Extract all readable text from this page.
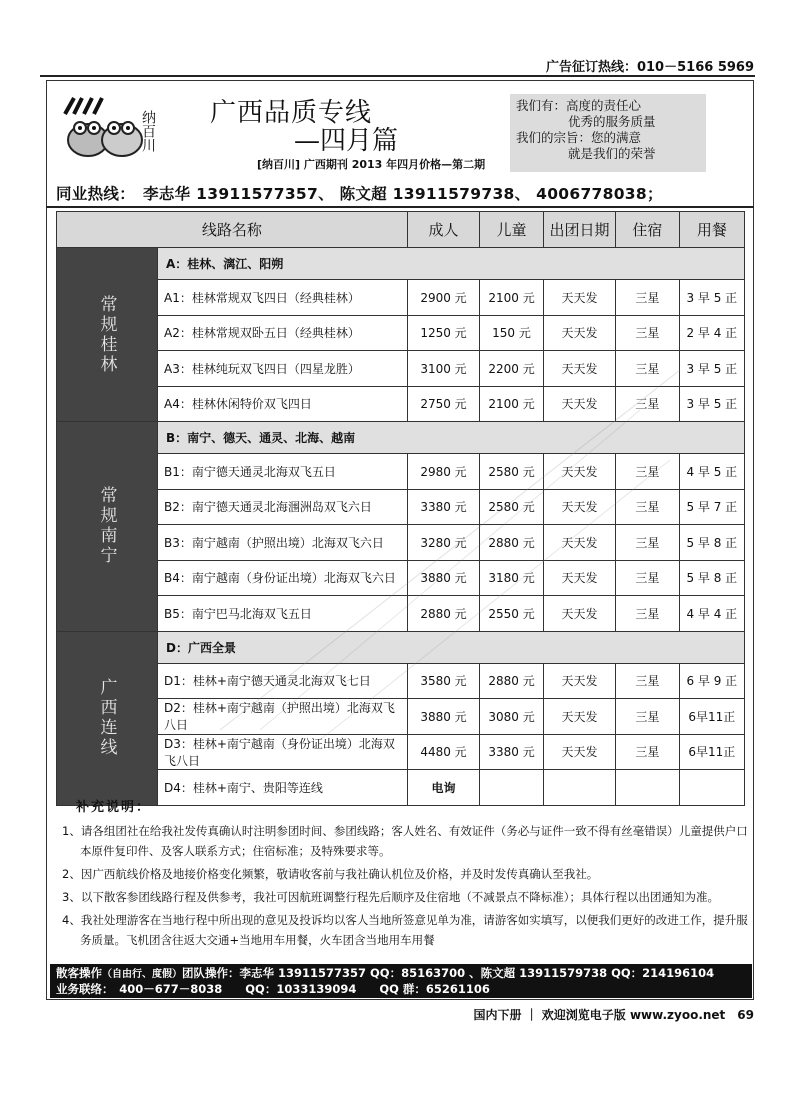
广告征订热线：010－5166 5969
纳百川 广西品质专线
—四月篇
[纳百川] 广西期刊 2013 年四月价格—第二期
我们有：高度的责任心
优秀的服务质量
我们的宗旨：您的满意
就是我们的荣誉
同业热线：　李志华 13911577357、 陈文超 13911579738、 4006778038；
线路名称		成人	儿童	出团日期	住宿	用餐
常规桂林	A：桂林、漓江、阳朔					
	A1：桂林常规双飞四日（经典桂林）	2900 元	2100 元	天天发	三星	3 早 5 正
	A2：桂林常规双卧五日（经典桂林）	1250 元	150 元	天天发	三星	2 早 4 正
	A3：桂林纯玩双飞四日（四星龙胜）	3100 元	2200 元	天天发	三星	3 早 5 正
	A4：桂林休闲特价双飞四日	2750 元	2100 元	天天发	三星	3 早 5 正
常规南宁	B：南宁、德天、通灵、北海、越南					
	B1：南宁德天通灵北海双飞五日	2980 元	2580 元	天天发	三星	4 早 5 正
	B2：南宁德天通灵北海涠洲岛双飞六日	3380 元	2580 元	天天发	三星	5 早 7 正
	B3：南宁越南（护照出境）北海双飞六日	3280 元	2880 元	天天发	三星	5 早 8 正
	B4：南宁越南（身份证出境）北海双飞六日	3880 元	3180 元	天天发	三星	5 早 8 正
	B5：南宁巴马北海双飞五日	2880 元	2550 元	天天发	三星	4 早 4 正
广西连线	D：广西全景					
	D1：桂林+南宁德天通灵北海双飞七日	3580 元	2880 元	天天发	三星	6 早 9 正
	D2：桂林+南宁越南（护照出境）北海双飞八日	3880 元	3080 元	天天发	三星	6早11正
	D3：桂林+南宁越南（身份证出境）北海双飞八日	4480 元	3380 元	天天发	三星	6早11正
	D4：桂林+南宁、贵阳等连线	电询				
补充说明：
1、请各组团社在给我社发传真确认时注明参团时间、参团线路；客人姓名、有效证件（务必与证件一致不得有丝毫错误）儿童提供户口本原件复印件、及客人联系方式；住宿标准；及特殊要求等。
2、因广西航线价格及地接价格变化频繁，敬请收客前与我社确认机位及价格，并及时发传真确认至我社。
3、以下散客参团线路行程及供参考，我社可因航班调整行程先后顺序及住宿地（不减景点不降标准）；具体行程以出团通知为准。
4、我社处理游客在当地行程中所出现的意见及投诉均以客人当地所签意见单为准，请游客如实填写，以便我们更好的改进工作，提升服务质量。飞机团含往返大交通+当地用车用餐，火车团含当地用车用餐
散客操作（自由行、度假）团队操作：李志华 13911577357 QQ：85163700 、陈文超 13911579738 QQ：214196104
业务联络：　400－677－8038　　QQ：1033139094　　QQ 群：65261106
国内下册 ｜ 欢迎浏览电子版 www.zyoo.net　69
